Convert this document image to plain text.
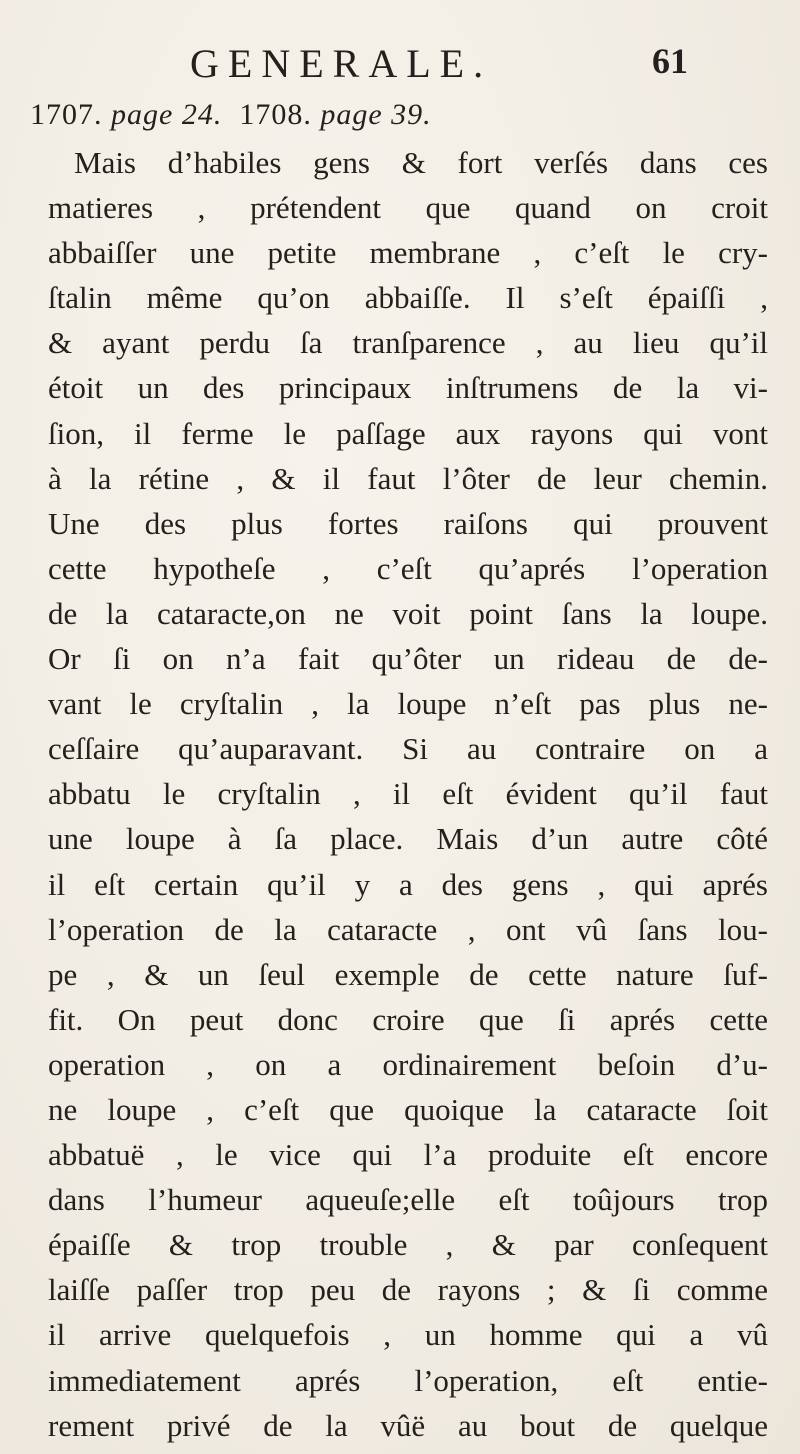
GENERALE.	61
1707. page 24. 1708. page 39.
Mais d’habiles gens & fort verſés dans ces
matieres , prétendent que quand on croit
abbaiſſer une petite membrane , c’eſt le cry-
ſtalin même qu’on abbaiſſe. Il s’eſt épaiſſi ,
& ayant perdu ſa tranſparence , au lieu qu’il
étoit un des principaux inſtrumens de la vi-
ſion, il ferme le paſſage aux rayons qui vont
à la rétine , & il faut l’ôter de leur chemin.
Une des plus fortes raiſons qui prouvent
cette hypotheſe , c’eſt qu’aprés l’operation
de la cataracte,on ne voit point ſans la loupe.
Or ſi on n’a fait qu’ôter un rideau de de-
vant le cryſtalin , la loupe n’eſt pas plus ne-
ceſſaire qu’auparavant. Si au contraire on a
abbatu le cryſtalin , il eſt évident qu’il faut
une loupe à ſa place. Mais d’un autre côté
il eſt certain qu’il y a des gens , qui aprés
l’operation de la cataracte , ont vû ſans lou-
pe , & un ſeul exemple de cette nature ſuf-
fit. On peut donc croire que ſi aprés cette
operation , on a ordinairement beſoin d’u-
ne loupe , c’eſt que quoique la cataracte ſoit
abbatuë , le vice qui l’a produite eſt encore
dans l’humeur aqueuſe;elle eſt toûjours trop
épaiſſe & trop trouble , & par conſequent
laiſſe paſſer trop peu de rayons ; & ſi comme
il arrive quelquefois , un homme qui a vû
immediatement aprés l’operation, eſt entie-
rement privé de la vûë au bout de quelque
